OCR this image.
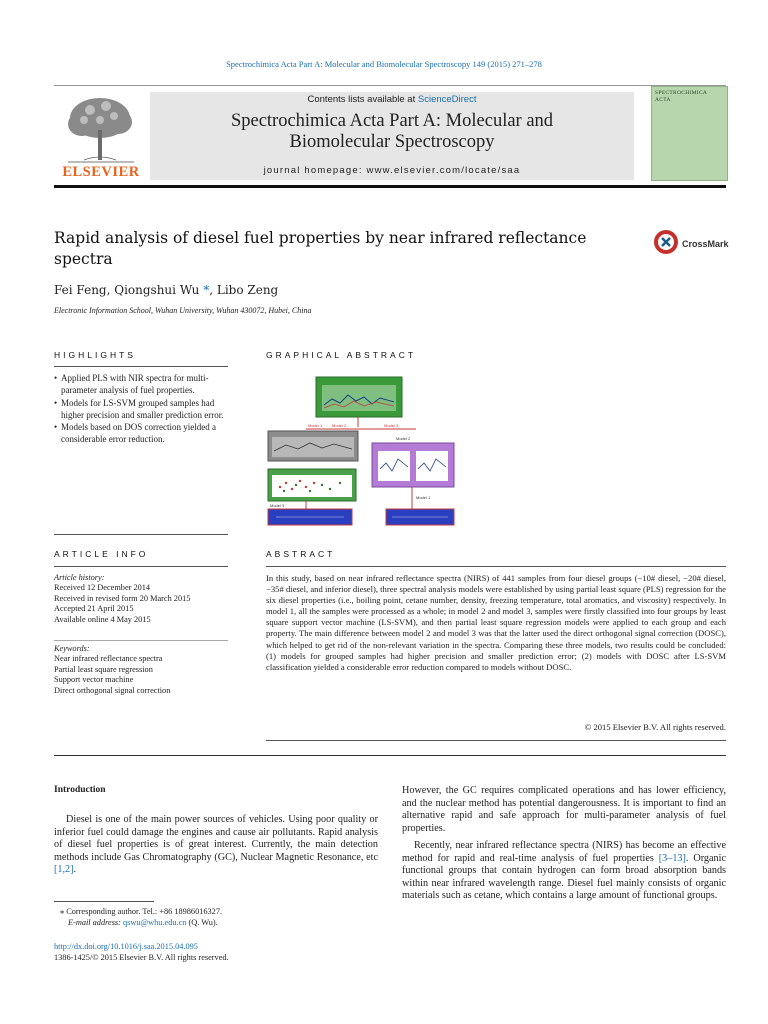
Spectrochimica Acta Part A: Molecular and Biomolecular Spectroscopy 149 (2015) 271–278
ELSEVIER
Contents lists available at ScienceDirect
Spectrochimica Acta Part A: Molecular and
Biomolecular Spectroscopy
journal homepage: www.elsevier.com/locate/saa
SPECTROCHIMICA ACTA
Rapid analysis of diesel fuel properties by near infrared reflectance
spectra
CrossMark
Fei Feng, Qiongshui Wu *, Libo Zeng
Electronic Information School, Wuhan University, Wuhan 430072, Hubei, China
HIGHLIGHTS
• Applied PLS with NIR spectra for multi-parameter analysis of fuel properties.
• Models for LS-SVM grouped samples had higher precision and smaller prediction error.
• Models based on DOS correction yielded a considerable error reduction.
GRAPHICAL ABSTRACT
Model 1 Model 2	Model 3
Model 2
Model 1
Model 3
ARTICLE INFO
Article history:
Received 12 December 2014
Received in revised form 20 March 2015
Accepted 21 April 2015
Available online 4 May 2015
Keywords:
Near infrared reflectance spectra
Partial least square regression
Support vector machine
Direct orthogonal signal correction
ABSTRACT

In this study, based on near infrared reflectance spectra (NIRS) of 441 samples from four diesel groups (−10# diesel, −20# diesel, −35# diesel, and inferior diesel), three spectral analysis models were established by using partial least square (PLS) regression for the six diesel properties (i.e., boiling point, cetane number, density, freezing temperature, total aromatics, and viscosity) respectively. In model 1, all the samples were processed as a whole; in model 2 and model 3, samples were firstly classified into four groups by least square support vector machine (LS-SVM), and then partial least square regression models were applied to each group and each property. The main difference between model 2 and model 3 was that the latter used the direct orthogonal signal correction (DOSC), which helped to get rid of the non-relevant variation in the spectra. Comparing these three models, two results could be concluded: (1) models for grouped samples had higher precision and smaller prediction error; (2) models with DOSC after LS-SVM classification yielded a considerable error reduction compared to models without DOSC.

© 2015 Elsevier B.V. All rights reserved.
Introduction

Diesel is one of the main power sources of vehicles. Using poor quality or inferior fuel could damage the engines and cause air pollutants. Rapid analysis of diesel fuel properties is of great interest. Currently, the main detection methods include Gas Chromatography (GC), Nuclear Magnetic Resonance, etc [1,2].

However, the GC requires complicated operations and has lower efficiency, and the nuclear method has potential dangerousness. It is important to find an alternative rapid and safe approach for multi-parameter analysis of fuel properties.

Recently, near infrared reflectance spectra (NIRS) has become an effective method for rapid and real-time analysis of fuel properties [3–13]. Organic functional groups that contain hydrogen can form broad absorption bands within near infrared wavelength range. Diesel fuel mainly consists of organic materials such as cetane, which contains a large amount of functional groups.

⁎ Corresponding author. Tel.: +86 18986016327.
E-mail address: qswu@whu.edu.cn (Q. Wu).
http://dx.doi.org/10.1016/j.saa.2015.04.095
1386-1425/© 2015 Elsevier B.V. All rights reserved.
